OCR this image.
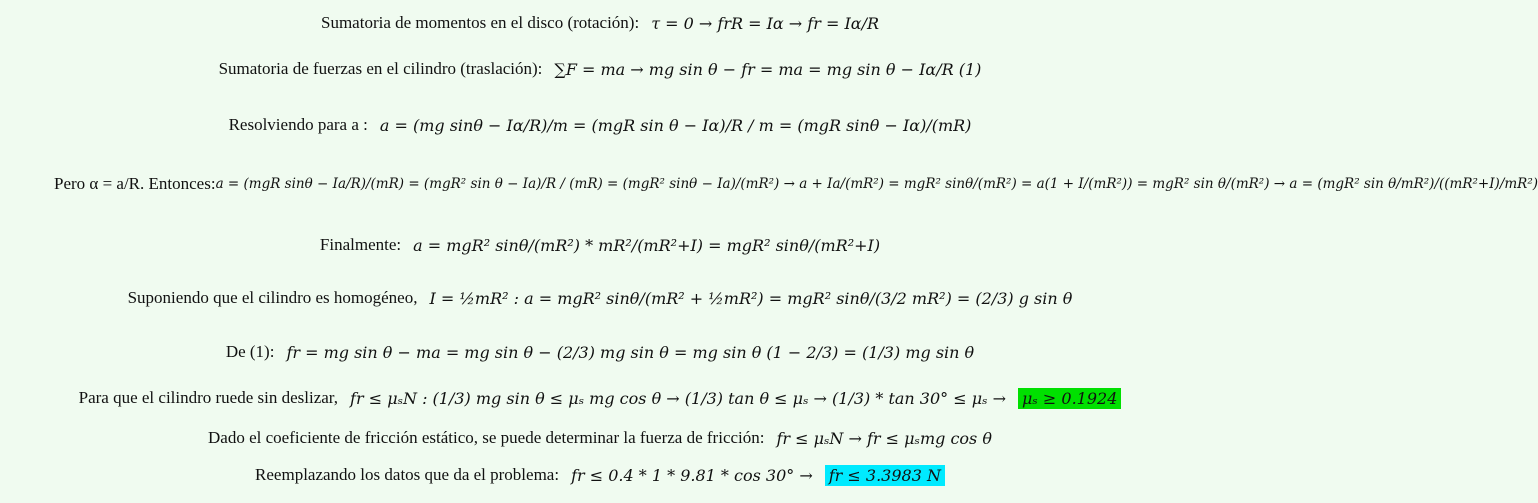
Sumatoria de momentos en el disco (rotación): τ = 0 → frR = Iα → fr = Iα/R
Sumatoria de fuerzas en el cilindro (traslación): ∑F = ma → mg sin θ − fr = ma = mg sin θ − Iα/R (1)
Resolviendo para a : a = (mg sinθ − Iα/R)/m = (mgR sin θ − Iα)/R / m = (mgR sinθ − Iα)/(mR)
Pero α = a/R. Entonces: a = (mgR sinθ − Ia/R)/(mR) = (mgR² sin θ − Ia)/R / (mR) = (mgR² sinθ − Ia)/(mR²) → a + Ia/(mR²) = mgR² sinθ/(mR²) = a(1 + I/(mR²)) = mgR² sin θ/(mR²) → a = (mgR² sin θ/mR²)/((mR²+I)/mR²)
Finalmente: a = mgR² sinθ/(mR²) * mR²/(mR²+I) = mgR² sinθ/(mR²+I)
Suponiendo que el cilindro es homogéneo, I = ½mR² : a = mgR² sinθ/(mR² + ½mR²) = mgR² sinθ/(3/2 mR²) = (2/3) g sin θ
De (1): fr = mg sin θ − ma = mg sin θ − (2/3) mg sin θ = mg sin θ (1 − 2/3) = (1/3) mg sin θ
Para que el cilindro ruede sin deslizar, fr ≤ μₛN : (1/3) mg sin θ ≤ μₛ mg cos θ → (1/3) tan θ ≤ μₛ → (1/3) * tan 30° ≤ μₛ → μₛ ≥ 0.1924
Dado el coeficiente de fricción estático, se puede determinar la fuerza de fricción: fr ≤ μₛN → fr ≤ μₛmg cos θ
Reemplazando los datos que da el problema: fr ≤ 0.4 * 1 * 9.81 * cos 30° → fr ≤ 3.3983 N
